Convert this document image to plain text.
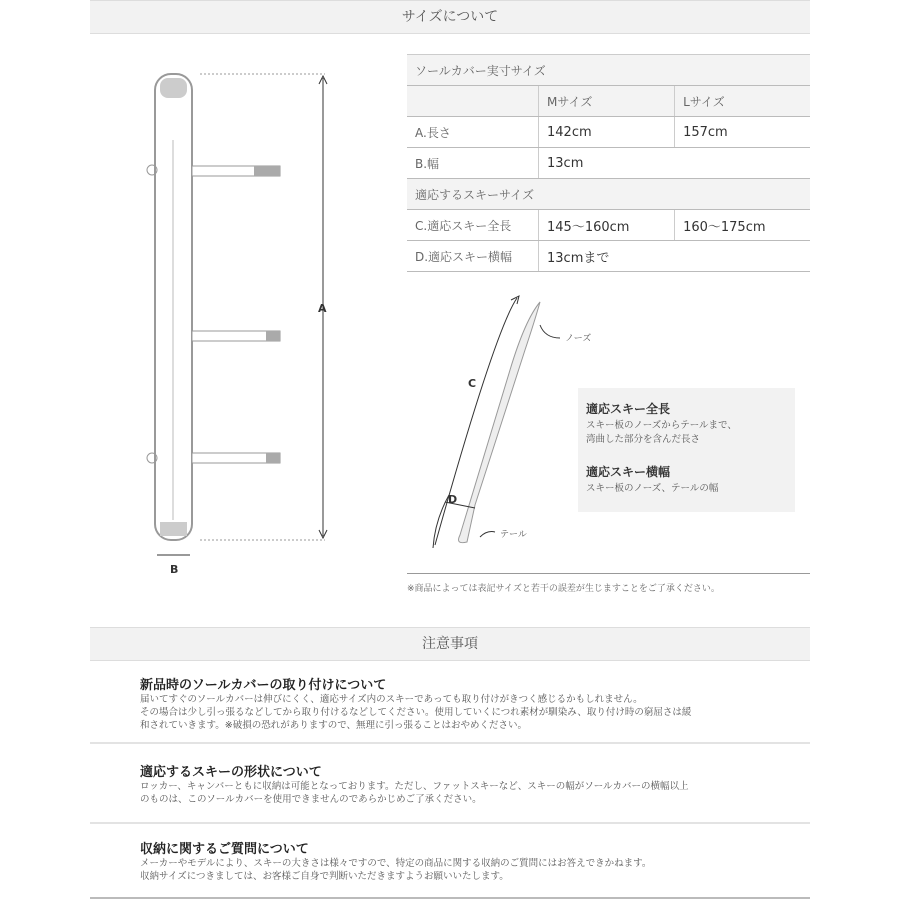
サイズについて
A
B
ソールカバー実寸サイズ		
	Mサイズ	Lサイズ
A.長さ	142cm	157cm
B.幅	13cm	
適応するスキーサイズ		
C.適応スキー全長	145〜160cm	160〜175cm
D.適応スキー横幅	13cmまで	
C
D
ノーズ
テール
適応スキー全長
スキー板のノーズからテールまで、
湾曲した部分を含んだ長さ
適応スキー横幅
スキー板のノーズ、テールの幅
※商品によっては表記サイズと若干の誤差が生じますことをご了承ください。
注意事項
新品時のソールカバーの取り付けについて

届いてすぐのソールカバーは伸びにくく、適応サイズ内のスキーであっても取り付けがきつく感じるかもしれません。

その場合は少し引っ張るなどしてから取り付けるなどしてください。使用していくにつれ素材が馴染み、取り付け時の窮屈さは緩

和されていきます。※破損の恐れがありますので、無理に引っ張ることはおやめください。

適応するスキーの形状について

ロッカー、キャンバーともに収納は可能となっております。ただし、ファットスキーなど、スキーの幅がソールカバーの横幅以上

のものは、このソールカバーを使用できませんのであらかじめご了承ください。

収納に関するご質問について

メーカーやモデルにより、スキーの大きさは様々ですので、特定の商品に関する収納のご質問にはお答えできかねます。

収納サイズにつきましては、お客様ご自身で判断いただきますようお願いいたします。
